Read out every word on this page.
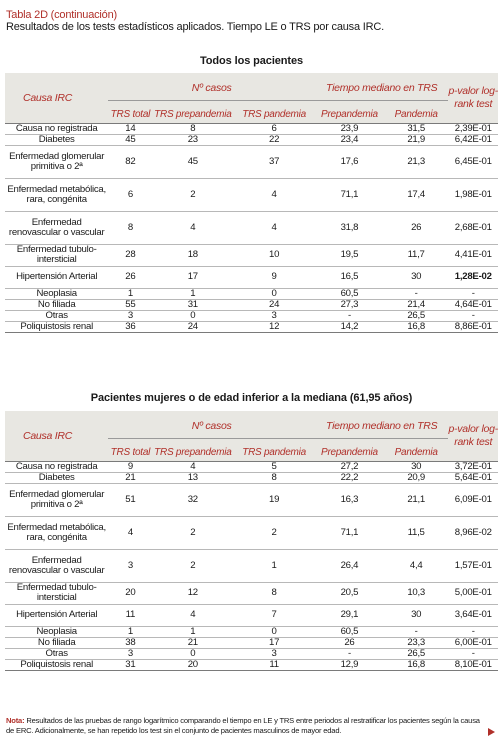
Tabla 2D (continuación)
Resultados de los tests estadísticos aplicados. Tiempo LE o TRS por causa IRC.
Todos los pacientes
Causa IRC	Nº casos			Tiempo mediano en TRS		p-valor log-rank test
	TRS total	TRS prepandemia	TRS pandemia	Prepandemia	Pandemia	
Causa no registrada	14	8	6	23,9	31,5	2,39E-01
Diabetes	45	23	22	23,4	21,9	6,42E-01
Enfermedad glomerular primitiva o 2ª	82	45	37	17,6	21,3	6,45E-01
Enfermedad metabólica, rara, congénita	6	2	4	71,1	17,4	1,98E-01
Enfermedad renovascular o vascular	8	4	4	31,8	26	2,68E-01
Enfermedad tubulo-intersticial	28	18	10	19,5	11,7	4,41E-01
Hipertensión Arterial	26	17	9	16,5	30	1,28E-02
Neoplasia	1	1	0	60,5	-	-
No filiada	55	31	24	27,3	21,4	4,64E-01
Otras	3	0	3	-	26,5	-
Poliquistosis renal	36	24	12	14,2	16,8	8,86E-01
Pacientes mujeres o de edad inferior a la mediana (61,95 años)
Causa IRC	Nº casos			Tiempo mediano en TRS		p-valor log-rank test
	TRS total	TRS prepandemia	TRS pandemia	Prepandemia	Pandemia	
Causa no registrada	9	4	5	27,2	30	3,72E-01
Diabetes	21	13	8	22,2	20,9	5,64E-01
Enfermedad glomerular primitiva o 2ª	51	32	19	16,3	21,1	6,09E-01
Enfermedad metabólica, rara, congénita	4	2	2	71,1	11,5	8,96E-02
Enfermedad renovascular o vascular	3	2	1	26,4	4,4	1,57E-01
Enfermedad tubulo-intersticial	20	12	8	20,5	10,3	5,00E-01
Hipertensión Arterial	11	4	7	29,1	30	3,64E-01
Neoplasia	1	1	0	60,5	-	-
No filiada	38	21	17	26	23,3	6,00E-01
Otras	3	0	3	-	26,5	-
Poliquistosis renal	31	20	11	12,9	16,8	8,10E-01
Nota: Resultados de las pruebas de rango logarítmico comparando el tiempo en LE y TRS entre periodos al restratificar los pacientes según la causa de ERC. Adicionalmente, se han repetido los test sin el conjunto de pacientes masculinos de mayor edad.
